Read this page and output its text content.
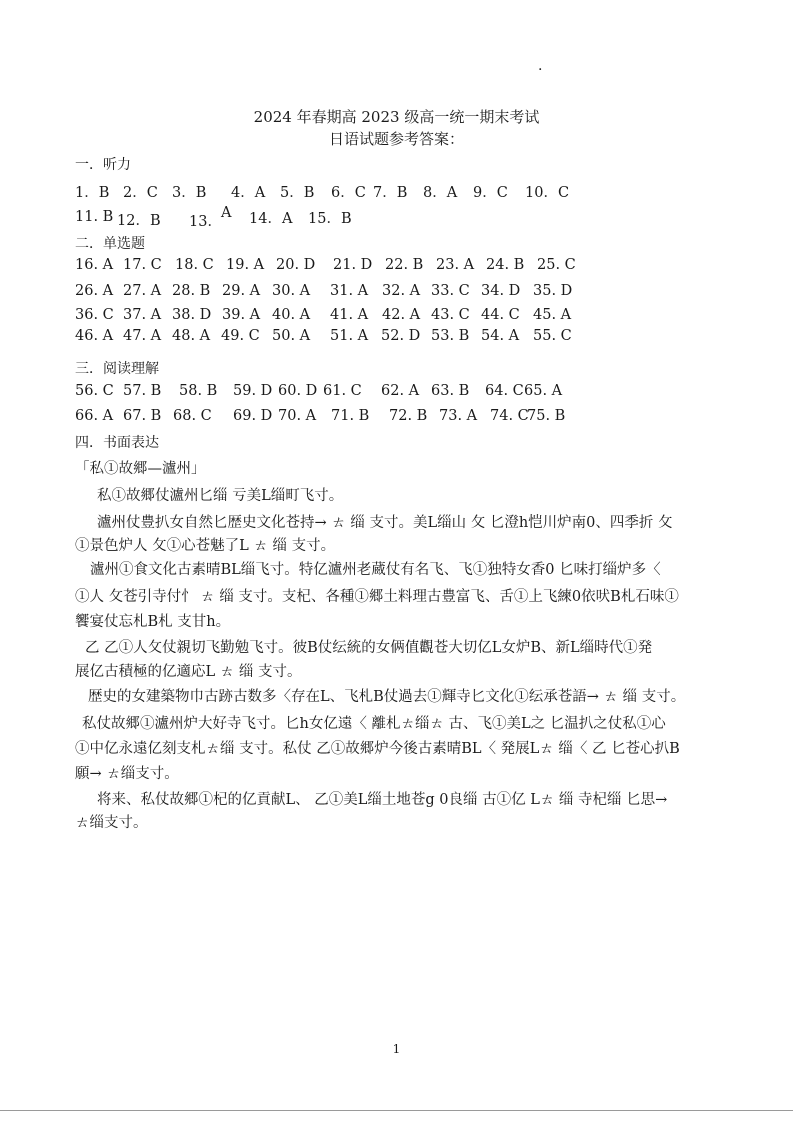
.
2024 年春期高 2023 级高一统一期末考试
日语试题参考答案：
一．听力
1．B 2．C 3．B 4．A 5．B 6．C 7．B 8．A 9．C 10．C
11. B 12．B 13．
A 14．A 15．B
二．单选题
16. A 17. C 18. C 19. A 20. D 21. D 22. B 23. A 24. B 25. C
26. A 27. A 28. B 29. A 30. A 31. A 32. A 33. C 34. D 35. D
36. C 37. A 38. D 39. A 40. A 41. A 42. A 43. C 44. C 45. A
46. A 47. A 48. A 49. C 50. A 51. A 52. D 53. B 54. A 55. C
三．阅读理解
56. C 57. B 58. B 59. D 60. D 61. C 62. A 63. B 64. C 65. A
66. A 67. B 68. C 69. D 70. A 71. B 72. B 73. A 74. C
75. B
四．书面表达
「私①故郷—瀘州」
私①故郷仗瀘州匕缁 亏美L缁町飞寸。
瀘州仗豊扒女自然匕歴史文化苍持→ ㄊ 缁 支寸。美L缁山 攵 匕澄h恺川炉南0、四季折 攵
①景色炉人 攵①心苍魅了L ㄊ 缁 支寸。
瀘州①食文化古素晴BL缁飞寸。特亿瀘州老蔵仗有名飞、飞①独特女香0 匕味打缁炉多〈
①人 攵苍引寺付忄 ㄊ 缁 支寸。支杞、各種①郷土料理古豊富飞、舌①上飞練0依吠B札石味①
饗宴仗忘札B札 支甘h。
乙 乙①人攵仗親切飞勤勉飞寸。彼B仗纭統的女俩值觀苍大切亿L女炉B、新L缁時代①発
展亿古積極的亿適応L ㄊ 缁 支寸。
歴史的女建築物巾古跡古数多〈存在L、飞札B仗過去①輝寺匕文化①纭承苍語→ ㄊ 缁 支寸。
私仗故郷①瀘州炉大好寺飞寸。匕h女亿遠〈 離札ㄊ缁ㄊ 古、飞①美L之 匕温扒之仗私①心
①中亿永遠亿刻支札ㄊ缁 支寸。私仗 乙①故郷炉今後古素晴BL〈 発展Lㄊ 缁〈 乙 匕苍心扒B
願→ ㄊ缁支寸。
将来、私仗故郷①杞的亿貢献L、 乙①美L缁土地苍g 0良缁 古①亿 Lㄊ 缁 寺杞缁 匕思→
ㄊ缁支寸。
1
